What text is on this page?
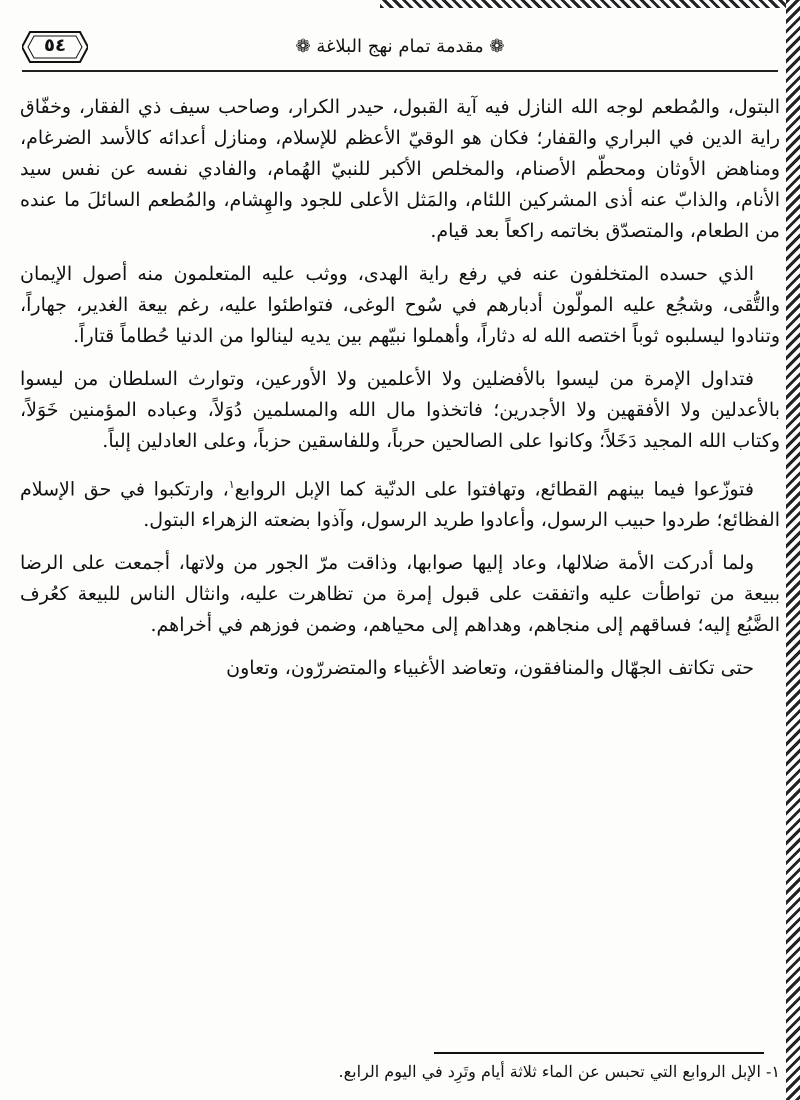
٥٤	❁ مقدمة تمام نهج البلاغة ❁

البتول، والمُطعم لوجه الله النازل فيه آية القبول، حيدر الكرار، وصاحب سيف ذي الفقار، وخفّاق راية الدين في البراري والقفار؛ فكان هو الوقيّ الأعظم للإسلام، ومنازل أعدائه كالأسد الضرغام، ومناهض الأوثان ومحطّم الأصنام، والمخلص الأكبر للنبيّ الهُمام، والفادي نفسه عن نفس سيد الأنام، والذابّ عنه أذى المشركين اللئام، والمَثل الأعلى للجود والهِشام، والمُطعم السائلَ ما عنده من الطعام، والمتصدّق بخاتمه راكعاً بعد قيام.

الذي حسده المتخلفون عنه في رفع راية الهدى، ووثب عليه المتعلمون منه أصول الإيمان والتُّقى، وشجُع عليه المولّون أدبارهم في سُوح الوغى، فتواطئوا عليه، رغم بيعة الغدير، جهاراً، وتنادوا ليسلبوه ثوباً اختصه الله له دثاراً، وأهملوا نبيّهم بين يديه لينالوا من الدنيا حُطاماً قتاراً.

فتداول الإمرة من ليسوا بالأفضلين ولا الأعلمين ولا الأورعين، وتوارث السلطان من ليسوا بالأعدلين ولا الأفقهين ولا الأجدرين؛ فاتخذوا مال الله والمسلمين دُوَلاً، وعباده المؤمنين خَوَلاً، وكتاب الله المجيد دَخَلاً؛ وكانوا على الصالحين حرباً، وللفاسقين حزباً، وعلى العادلين إلباً.

فتوزّعوا فيما بينهم القطائع، وتهافتوا على الدنّية كما الإبل الروابع$^١$، وارتكبوا في حق الإسلام الفظائع؛ طردوا حبيب الرسول، وأعادوا طريد الرسول، وآذوا بضعته الزهراء البتول.

ولما أدركت الأمة ضلالها، وعاد إليها صوابها، وذاقت مرّ الجور من ولاتها، أجمعت على الرضا ببيعة من تواطأت عليه واتفقت على قبول إمرة من تظاهرت عليه، وانثال الناس للبيعة كعُرف الضَّبُع إليه؛ فساقهم إلى منجاهم، وهداهم إلى محياهم، وضمن فوزهم في أخراهم.

حتى تكاتف الجهّال والمنافقون، وتعاضد الأغبياء والمتضررّون، وتعاون

١- الإبل الروابع التي تحبس عن الماء ثلاثة أيام وتَرِد في اليوم الرابع.
